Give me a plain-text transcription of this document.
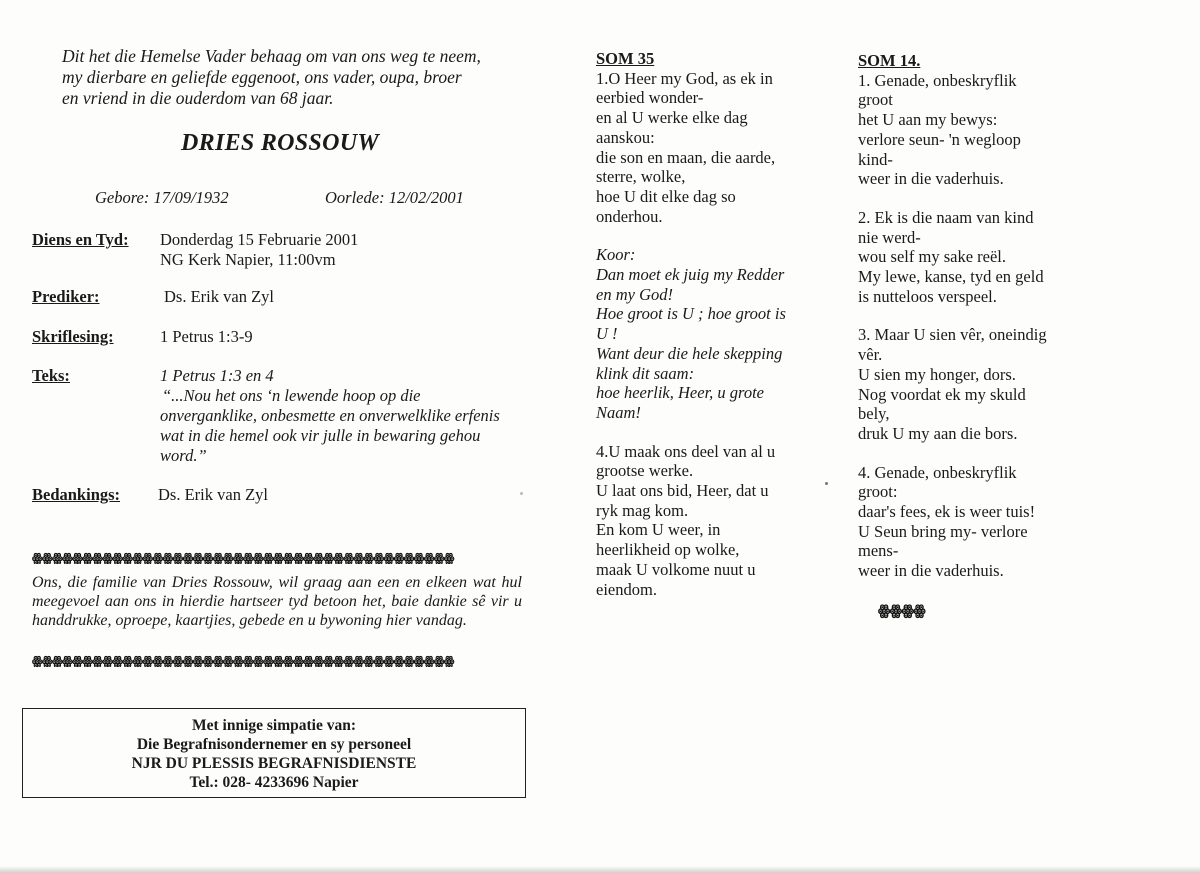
Dit het die Hemelse Vader behaag om van ons weg te neem,
my dierbare en geliefde eggenoot, ons vader, oupa, broer
en vriend in die ouderdom van 68 jaar.
DRIES ROSSOUW
Gebore: 17/09/1932	Oorlede: 12/02/2001
Diens en Tyd: Donderdag 15 Februarie 2001
NG Kerk Napier, 11:00vm
Prediker:	Ds. Erik van Zyl
Skriflesing:	1 Petrus 1:3-9
Teks:	1 Petrus 1:3 en 4
“...Nou het ons ‘n lewende hoop op die
onverganklike, onbesmette en onverwelklike erfenis
wat in die hemel ook vir julle in bewaring gehou
word.”
Bedankings: Ds. Erik van Zyl
ꙮꙮꙮꙮꙮꙮꙮꙮꙮꙮꙮꙮꙮꙮꙮꙮꙮꙮꙮꙮꙮꙮꙮꙮꙮꙮꙮꙮꙮꙮꙮꙮꙮꙮꙮꙮꙮꙮꙮꙮꙮꙮ
Ons, die familie van Dries Rossouw, wil graag aan een en elkeen wat hul meegevoel aan ons in hierdie hartseer tyd betoon het, baie dankie sê vir u handdrukke, oproepe, kaartjies, gebede en u bywoning hier vandag.
ꙮꙮꙮꙮꙮꙮꙮꙮꙮꙮꙮꙮꙮꙮꙮꙮꙮꙮꙮꙮꙮꙮꙮꙮꙮꙮꙮꙮꙮꙮꙮꙮꙮꙮꙮꙮꙮꙮꙮꙮꙮꙮ
Met innige simpatie van:
Die Begrafnisondernemer en sy personeel
NJR DU PLESSIS BEGRAFNISDIENSTE
Tel.: 028- 4233696 Napier
SOM 35
1.O Heer my God, as ek in
eerbied wonder-
en al U werke elke dag
aanskou:
die son en maan, die aarde,
sterre, wolke,
hoe U dit elke dag so
onderhou.
Koor:
Dan moet ek juig my Redder
en my God!
Hoe groot is U ; hoe groot is
U !
Want deur die hele skepping
klink dit saam:
hoe heerlik, Heer, u grote
Naam!
4.U maak ons deel van al u
grootse werke.
U laat ons bid, Heer, dat u
ryk mag kom.
En kom U weer, in
heerlikheid op wolke,
maak U volkome nuut u
eiendom.
SOM 14.
1. Genade, onbeskryflik
groot
het U aan my bewys:
verlore seun- 'n wegloop
kind-
weer in die vaderhuis.
2. Ek is die naam van kind
nie werd-
wou self my sake reël.
My lewe, kanse, tyd en geld
is nutteloos verspeel.
3. Maar U sien vêr, oneindig
vêr.
U sien my honger, dors.
Nog voordat ek my skuld
bely,
druk U my aan die bors.
4. Genade, onbeskryflik
groot:
daar's fees, ek is weer tuis!
U Seun bring my- verlore
mens-
weer in die vaderhuis.
ꙮꙮꙮꙮ
